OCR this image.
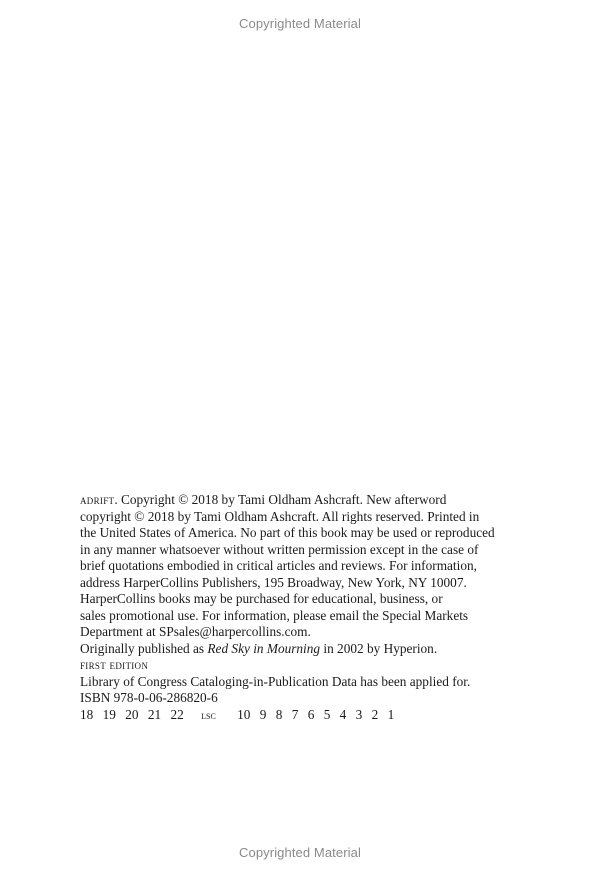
Copyrighted Material

adrift. Copyright © 2018 by Tami Oldham Ashcraft. New afterword
copyright © 2018 by Tami Oldham Ashcraft. All rights reserved. Printed in
the United States of America. No part of this book may be used or reproduced
in any manner whatsoever without written permission except in the case of
brief quotations embodied in critical articles and reviews. For information,
address HarperCollins Publishers, 195 Broadway, New York, NY 10007.

HarperCollins books may be purchased for educational, business, or
sales promotional use. For information, please email the Special Markets
Department at SPsales@harpercollins.com.

Originally published as Red Sky in Mourning in 2002 by Hyperion.

first edition

Library of Congress Cataloging-in-Publication Data has been applied for.

ISBN 978-0-06-286820-6

18 19 20 21 22 lsc 10 9 8 7 6 5 4 3 2 1

Copyrighted Material
